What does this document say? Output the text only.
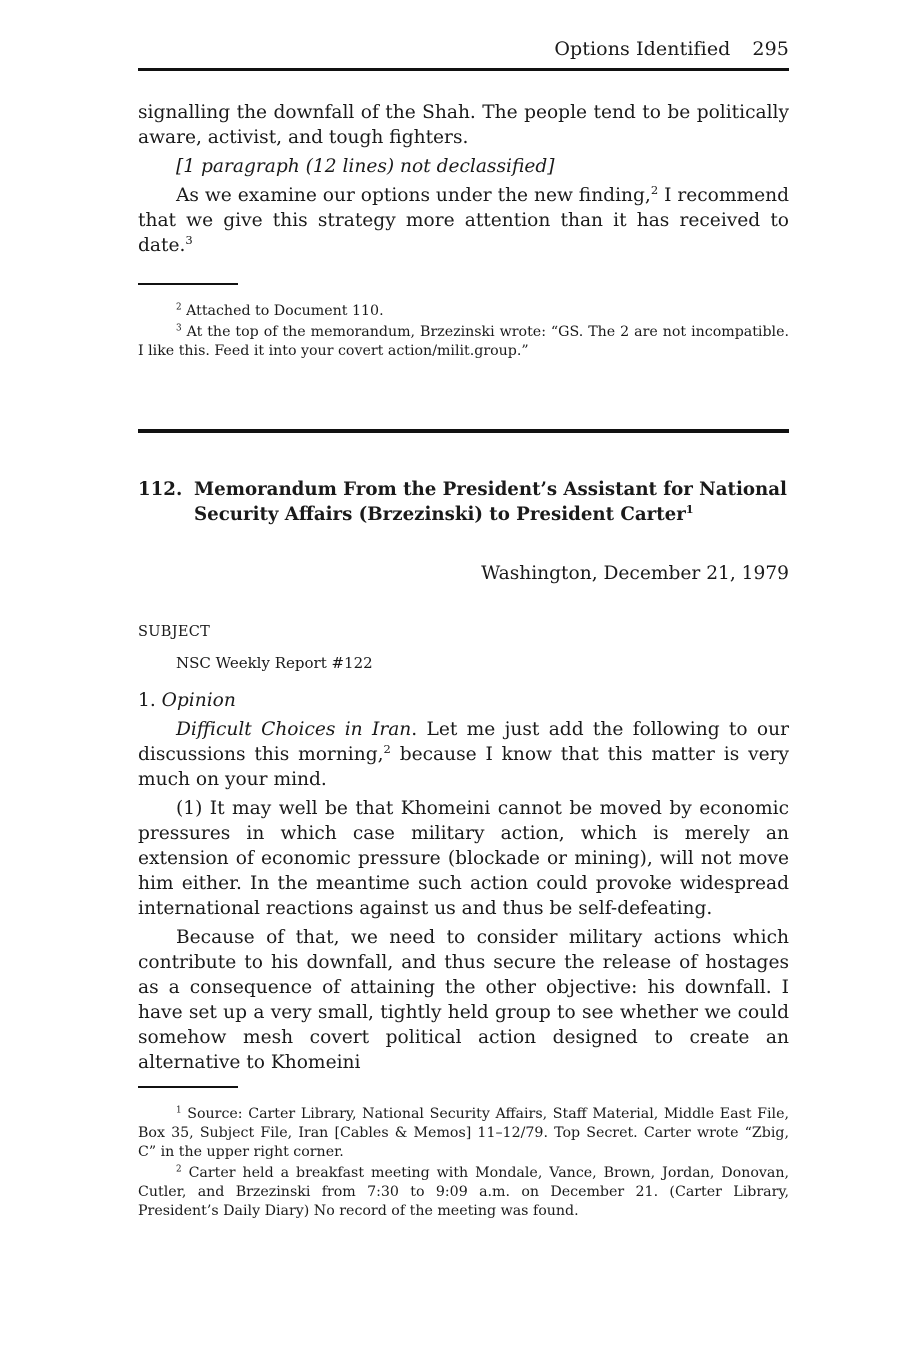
Options Identified 295

signalling the downfall of the Shah. The people tend to be politically aware, activist, and tough fighters.

[1 paragraph (12 lines) not declassified]

As we examine our options under the new finding,$^2$ I recommend that we give this strategy more attention than it has received to date.$^3$

$^2$ Attached to Document 110.

$^3$ At the top of the memorandum, Brzezinski wrote: “GS. The 2 are not incompatible. I like this. Feed it into your covert action/milit.group.”

112. Memorandum From the President’s Assistant for National Security Affairs (Brzezinski) to President Carter$^1$
Washington, December 21, 1979
SUBJECT
NSC Weekly Report #122

1. Opinion

Difficult Choices in Iran. Let me just add the following to our discussions this morning,$^2$ because I know that this matter is very much on your mind.

(1) It may well be that Khomeini cannot be moved by economic pressures in which case military action, which is merely an extension of economic pressure (blockade or mining), will not move him either. In the meantime such action could provoke widespread international reactions against us and thus be self-defeating.

Because of that, we need to consider military actions which contribute to his downfall, and thus secure the release of hostages as a consequence of attaining the other objective: his downfall. I have set up a very small, tightly held group to see whether we could somehow mesh covert political action designed to create an alternative to Khomeini

$^1$ Source: Carter Library, National Security Affairs, Staff Material, Middle East File, Box 35, Subject File, Iran [Cables & Memos] 11–12/79. Top Secret. Carter wrote “Zbig, C” in the upper right corner.

$^2$ Carter held a breakfast meeting with Mondale, Vance, Brown, Jordan, Donovan, Cutler, and Brzezinski from 7:30 to 9:09 a.m. on December 21. (Carter Library, President’s Daily Diary) No record of the meeting was found.
